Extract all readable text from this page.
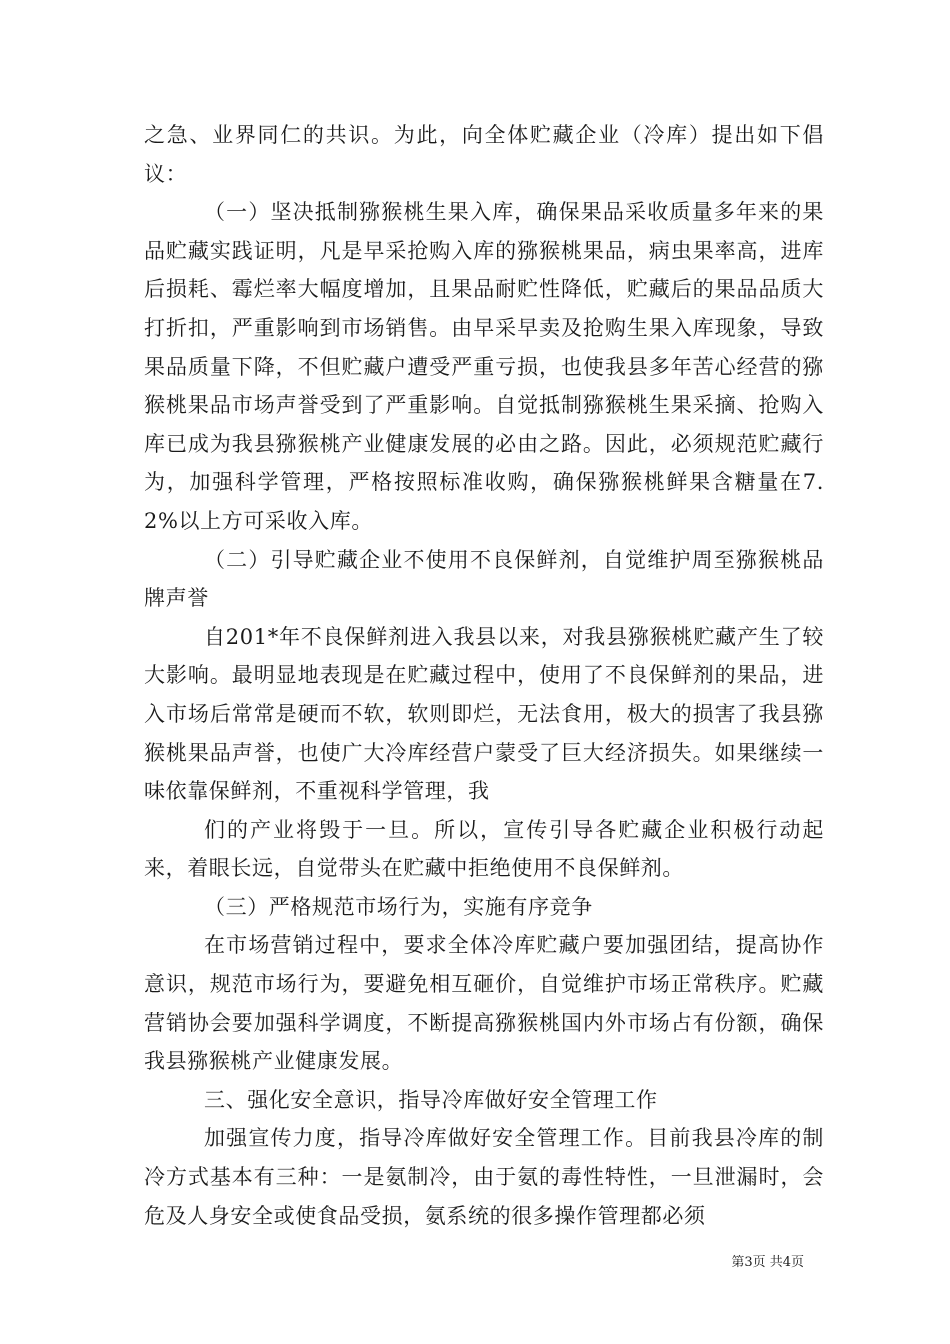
之急、业界同仁的共识。为此，向全体贮藏企业（冷库）提出如下倡议：

（一）坚决抵制猕猴桃生果入库，确保果品采收质量多年来的果品贮藏实践证明，凡是早采抢购入库的猕猴桃果品，病虫果率高，进库后损耗、霉烂率大幅度增加，且果品耐贮性降低，贮藏后的果品品质大打折扣，严重影响到市场销售。由早采早卖及抢购生果入库现象，导致果品质量下降，不但贮藏户遭受严重亏损，也使我县多年苦心经营的猕猴桃果品市场声誉受到了严重影响。自觉抵制猕猴桃生果采摘、抢购入库已成为我县猕猴桃产业健康发展的必由之路。因此，必须规范贮藏行为，加强科学管理，严格按照标准收购，确保猕猴桃鲜果含糖量在7.2%以上方可采收入库。

（二）引导贮藏企业不使用不良保鲜剂，自觉维护周至猕猴桃品牌声誉

自201*年不良保鲜剂进入我县以来，对我县猕猴桃贮藏产生了较大影响。最明显地表现是在贮藏过程中，使用了不良保鲜剂的果品，进入市场后常常是硬而不软，软则即烂，无法食用，极大的损害了我县猕猴桃果品声誉，也使广大冷库经营户蒙受了巨大经济损失。如果继续一味依靠保鲜剂，不重视科学管理，我

们的产业将毁于一旦。所以，宣传引导各贮藏企业积极行动起来，着眼长远，自觉带头在贮藏中拒绝使用不良保鲜剂。

（三）严格规范市场行为，实施有序竞争

在市场营销过程中，要求全体冷库贮藏户要加强团结，提高协作意识，规范市场行为，要避免相互砸价，自觉维护市场正常秩序。贮藏营销协会要加强科学调度，不断提高猕猴桃国内外市场占有份额，确保我县猕猴桃产业健康发展。

三、强化安全意识，指导冷库做好安全管理工作

加强宣传力度，指导冷库做好安全管理工作。目前我县冷库的制冷方式基本有三种：一是氨制冷，由于氨的毒性特性，一旦泄漏时，会危及人身安全或使食品受损，氨系统的很多操作管理都必须

第3页 共4页
